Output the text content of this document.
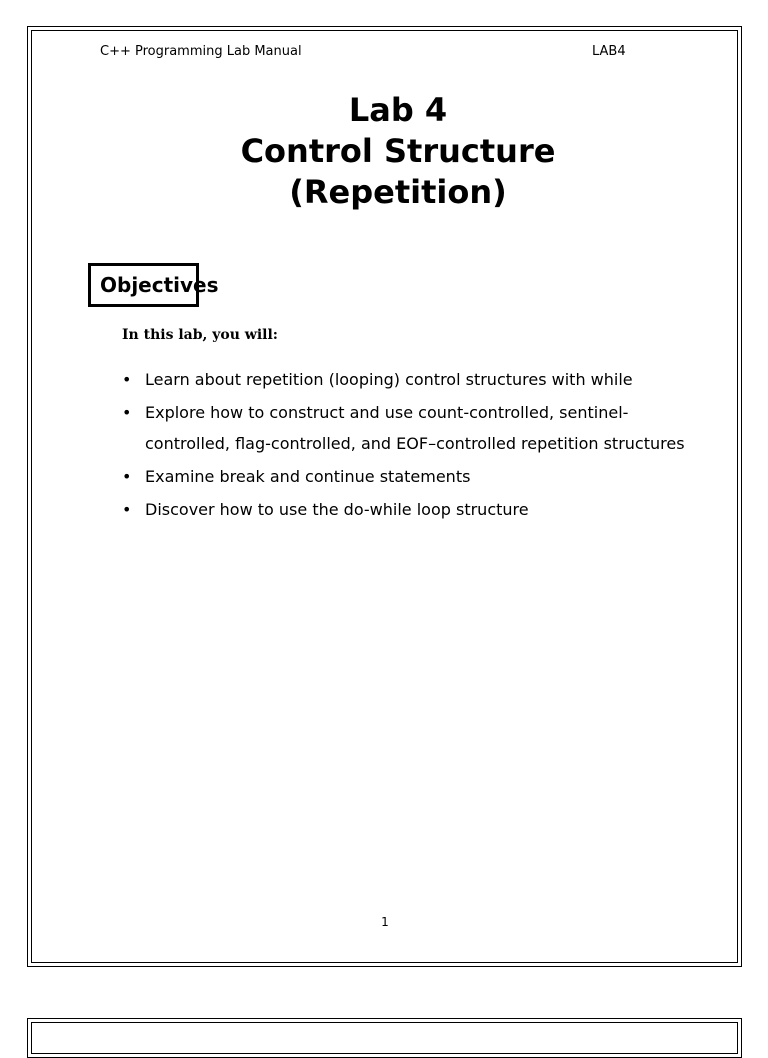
C++ Programming Lab Manual	LAB4
Lab 4
Control Structure
(Repetition)
Objectives
In this lab, you will:
• Learn about repetition (looping) control structures with while
• Explore how to construct and use count-controlled, sentinel-controlled, flag-controlled, and EOF–controlled repetition structures
• Examine break and continue statements
• Discover how to use the do-while loop structure
1
